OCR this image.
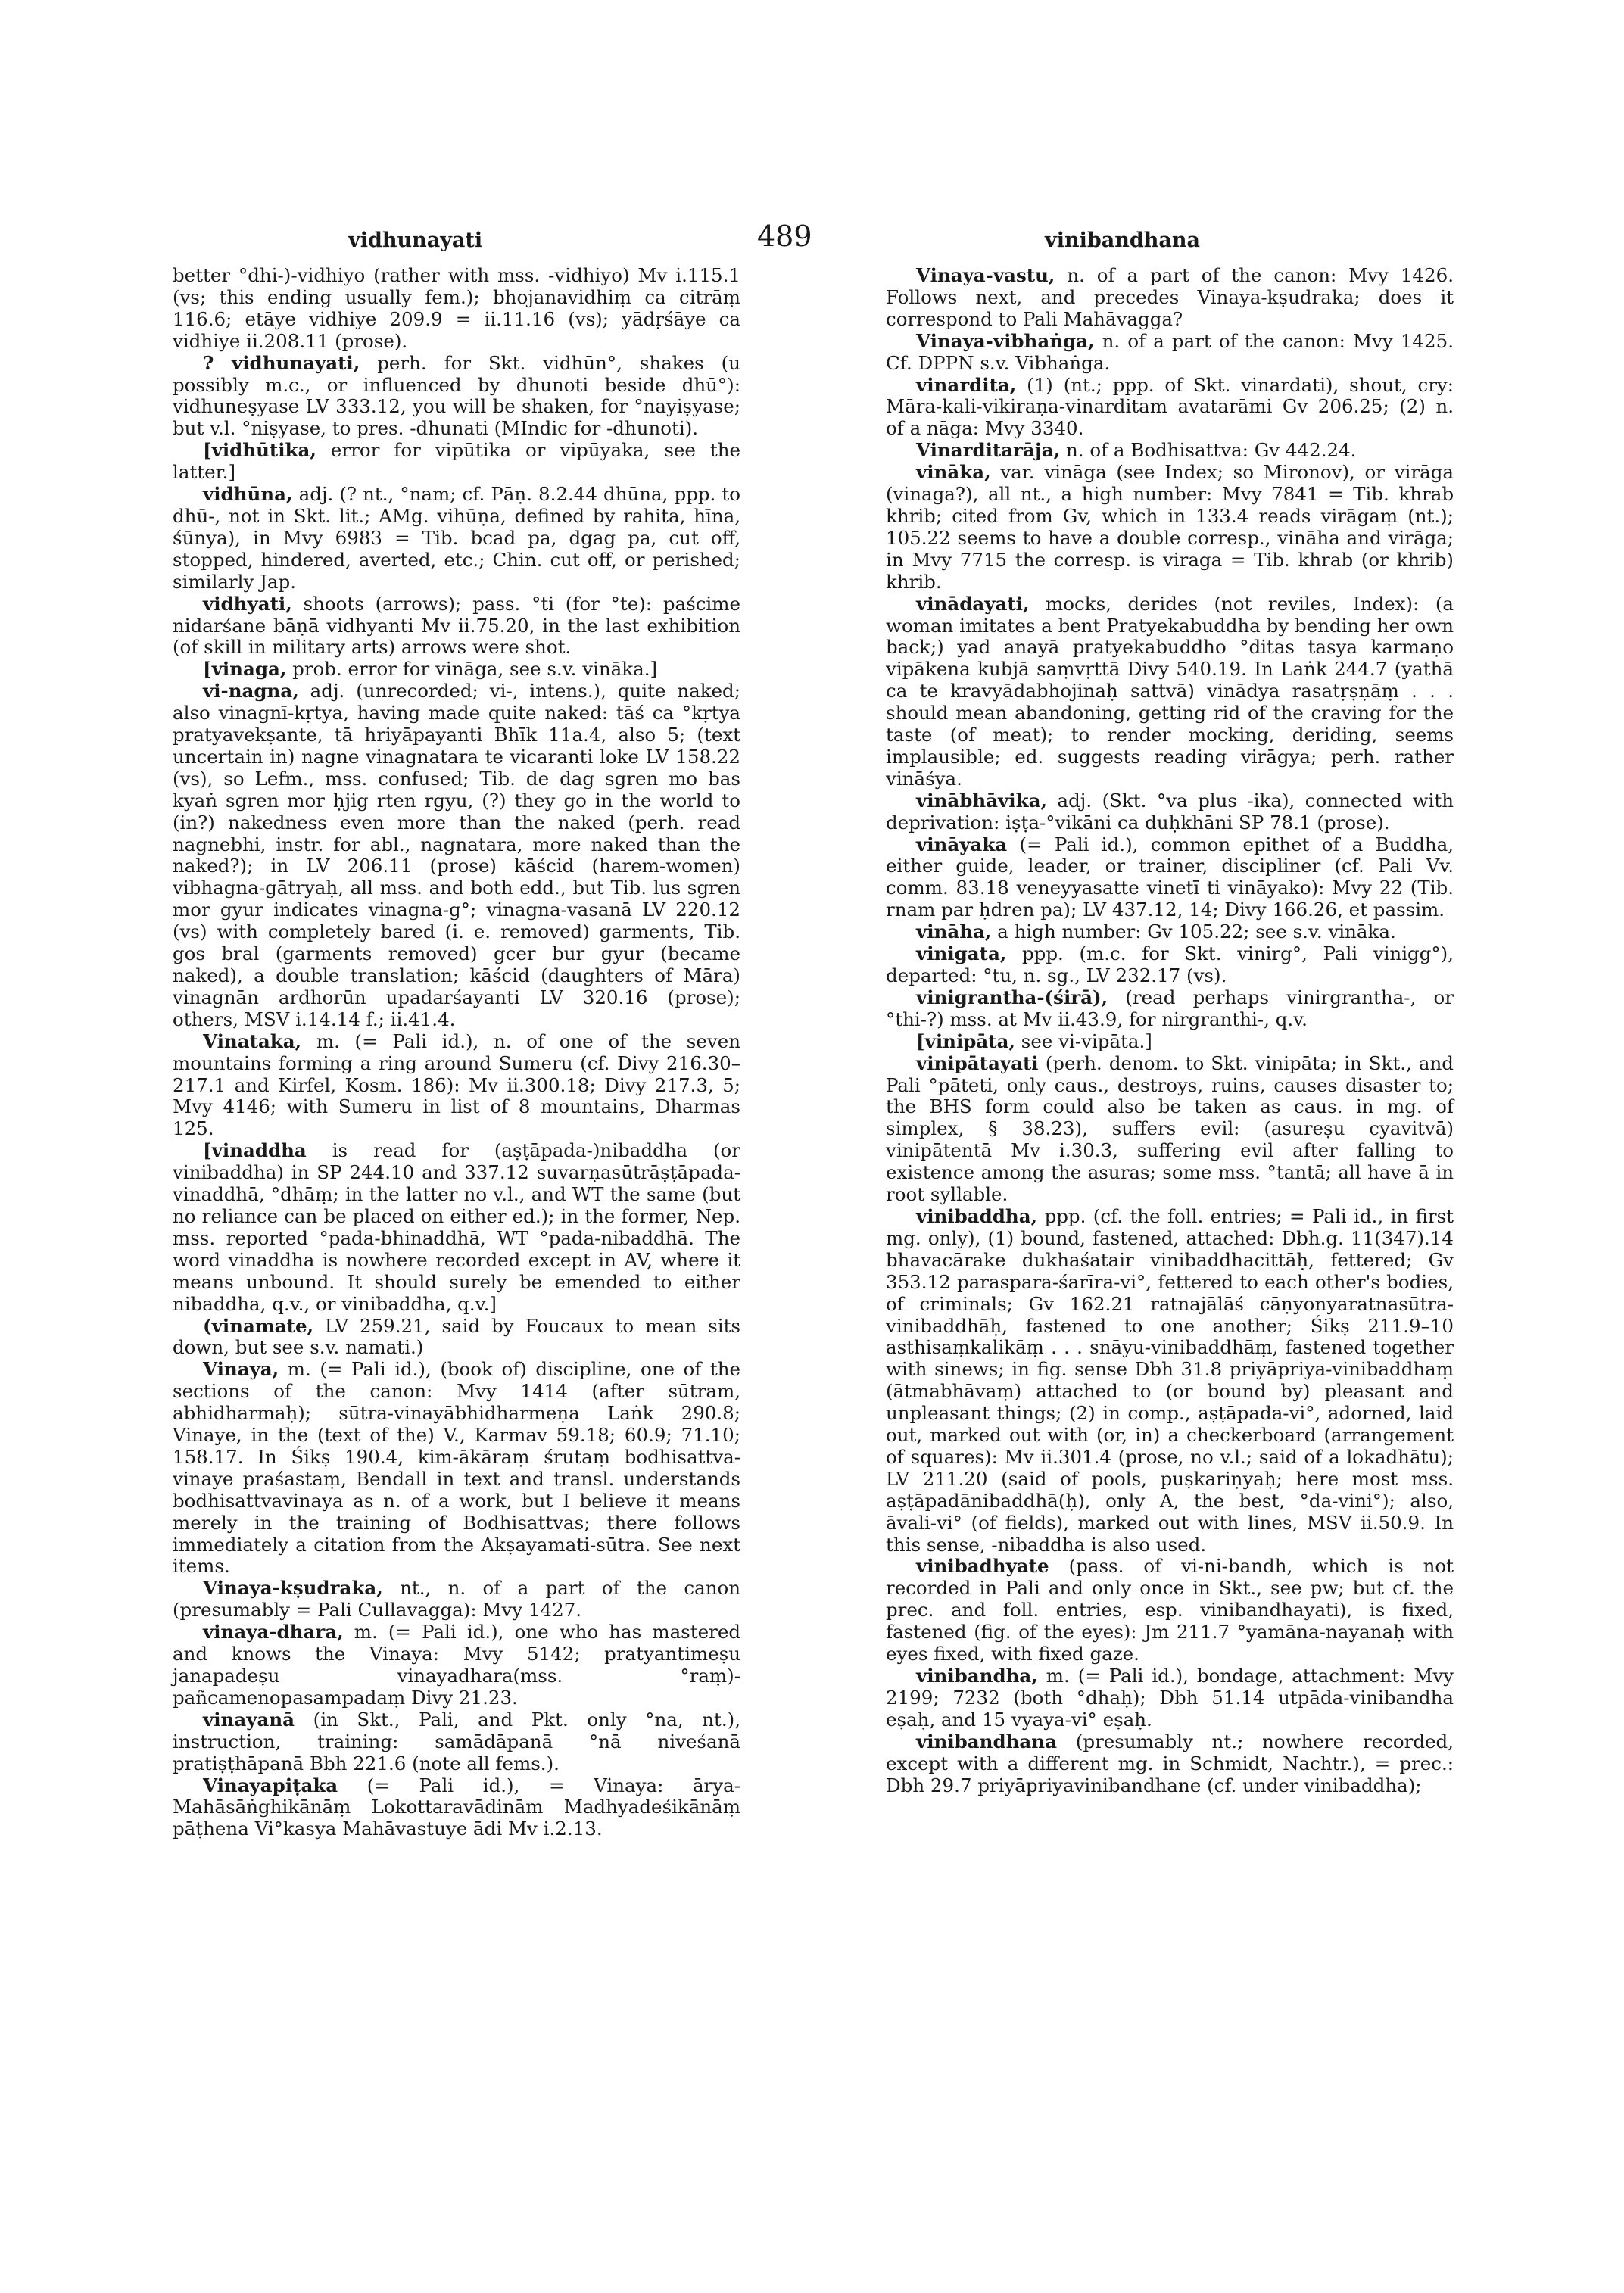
vidhunayati	489	vinibandhana

better °dhi-)-vidhiyo (rather with mss. -vidhiyo) Mv i.115.1 (vs; this ending usually fem.); bhojanavidhiṃ ca citrāṃ 116.6; etāye vidhiye 209.9 = ii.11.16 (vs); yādṛśāye ca vidhiye ii.208.11 (prose).

? vidhunayati, perh. for Skt. vidhūn°, shakes (u possibly m.c., or influenced by dhunoti beside dhū°): vidhuneṣyase LV 333.12, you will be shaken, for °nayiṣyase; but v.l. °niṣyase, to pres. -dhunati (MIndic for -dhunoti).

[vidhūtika, error for vipūtika or vipūyaka, see the latter.]

vidhūna, adj. (? nt., °nam; cf. Pāṇ. 8.2.44 dhūna, ppp. to dhū-, not in Skt. lit.; AMg. vihūṇa, defined by rahita, hīna, śūnya), in Mvy 6983 = Tib. bcad pa, dgag pa, cut off, stopped, hindered, averted, etc.; Chin. cut off, or perished; similarly Jap.

vidhyati, shoots (arrows); pass. °ti (for °te): paścime nidarśane bāṇā vidhyanti Mv ii.75.20, in the last exhibition (of skill in military arts) arrows were shot.

[vinaga, prob. error for vināga, see s.v. vināka.]

vi-nagna, adj. (unrecorded; vi-, intens.), quite naked; also vinagnī-kṛtya, having made quite naked: tāś ca °kṛtya pratyavekṣante, tā hriyāpayanti Bhīk 11a.4, also 5; (text uncertain in) nagne vinagnatara te vicaranti loke LV 158.22 (vs), so Lefm., mss. confused; Tib. de dag sgren mo bas kyaṅ sgren mor ḥjig rten rgyu, (?) they go in the world to (in?) nakedness even more than the naked (perh. read nagnebhi, instr. for abl., nagnatara, more naked than the naked?); in LV 206.11 (prose) kāścid (harem-women) vibhagna-gātryaḥ, all mss. and both edd., but Tib. lus sgren mor gyur indicates vinagna-g°; vinagna-vasanā LV 220.12 (vs) with completely bared (i. e. removed) garments, Tib. gos bral (garments removed) gcer bur gyur (became naked), a double translation; kāścid (daughters of Māra) vinagnān ardhorūn upadarśayanti LV 320.16 (prose); others, MSV i.14.14 f.; ii.41.4.

Vinataka, m. (= Pali id.), n. of one of the seven mountains forming a ring around Sumeru (cf. Divy 216.30–217.1 and Kirfel, Kosm. 186): Mv ii.300.18; Divy 217.3, 5; Mvy 4146; with Sumeru in list of 8 mountains, Dharmas 125.

[vinaddha is read for (aṣṭāpada-)nibaddha (or vinibaddha) in SP 244.10 and 337.12 suvarṇasūtrāṣṭāpada-vinaddhā, °dhāṃ; in the latter no v.l., and WT the same (but no reliance can be placed on either ed.); in the former, Nep. mss. reported °pada-bhinaddhā, WT °pada-nibaddhā. The word vinaddha is nowhere recorded except in AV, where it means unbound. It should surely be emended to either nibaddha, q.v., or vinibaddha, q.v.]

(vinamate, LV 259.21, said by Foucaux to mean sits down, but see s.v. namati.)

Vinaya, m. (= Pali id.), (book of) discipline, one of the sections of the canon: Mvy 1414 (after sūtram, abhidharmaḥ); sūtra-vinayābhidharmeṇa Laṅk 290.8; Vinaye, in the (text of the) V., Karmav 59.18; 60.9; 71.10; 158.17. In Śikṣ 190.4, kim-ākāraṃ śrutaṃ bodhisattva-vinaye praśastaṃ, Bendall in text and transl. understands bodhisattvavinaya as n. of a work, but I believe it means merely in the training of Bodhisattvas; there follows immediately a citation from the Akṣayamati-sūtra. See next items.

Vinaya-kṣudraka, nt., n. of a part of the canon (presumably = Pali Cullavagga): Mvy 1427.

vinaya-dhara, m. (= Pali id.), one who has mastered and knows the Vinaya: Mvy 5142; pratyantimeṣu janapadeṣu vinayadhara(mss. °raṃ)-pañcamenopasampadaṃ Divy 21.23.

vinayanā (in Skt., Pali, and Pkt. only °na, nt.), instruction, training: samādāpanā °nā niveśanā pratiṣṭhāpanā Bbh 221.6 (note all fems.).

Vinayapiṭaka (= Pali id.), = Vinaya: ārya-Mahāsāṅghikānāṃ Lokottaravādinām Madhyadeśikānāṃ pāṭhena Vi°kasya Mahāvastuye ādi Mv i.2.13.

Vinaya-vastu, n. of a part of the canon: Mvy 1426. Follows next, and precedes Vinaya-kṣudraka; does it correspond to Pali Mahāvagga?

Vinaya-vibhaṅga, n. of a part of the canon: Mvy 1425. Cf. DPPN s.v. Vibhaṅga.

vinardita, (1) (nt.; ppp. of Skt. vinardati), shout, cry: Māra-kali-vikiraṇa-vinarditam avatarāmi Gv 206.25; (2) n. of a nāga: Mvy 3340.

Vinarditarāja, n. of a Bodhisattva: Gv 442.24.

vināka, var. vināga (see Index; so Mironov), or virāga (vinaga?), all nt., a high number: Mvy 7841 = Tib. khrab khrib; cited from Gv, which in 133.4 reads virāgaṃ (nt.); 105.22 seems to have a double corresp., vināha and virāga; in Mvy 7715 the corresp. is viraga = Tib. khrab (or khrib) khrib.

vinādayati, mocks, derides (not reviles, Index): (a woman imitates a bent Pratyekabuddha by bending her own back;) yad anayā pratyekabuddho °ditas tasya karmaṇo vipākena kubjā saṃvṛttā Divy 540.19. In Laṅk 244.7 (yathā ca te kravyādabhojinaḥ sattvā) vinādya rasatṛṣṇāṃ . . . should mean abandoning, getting rid of the craving for the taste (of meat); to render mocking, deriding, seems implausible; ed. suggests reading virāgya; perh. rather vināśya.

vinābhāvika, adj. (Skt. °va plus -ika), connected with deprivation: iṣṭa-°vikāni ca duḥkhāni SP 78.1 (prose).

vināyaka (= Pali id.), common epithet of a Buddha, either guide, leader, or trainer, discipliner (cf. Pali Vv. comm. 83.18 veneyyasatte vinetī ti vināyako): Mvy 22 (Tib. rnam par ḥdren pa); LV 437.12, 14; Divy 166.26, et passim.

vināha, a high number: Gv 105.22; see s.v. vināka.

vinigata, ppp. (m.c. for Skt. vinirg°, Pali vinigg°), departed: °tu, n. sg., LV 232.17 (vs).

vinigrantha-(śirā), (read perhaps vinirgrantha-, or °thi-?) mss. at Mv ii.43.9, for nirgranthi-, q.v.

[vinipāta, see vi-vipāta.]

vinipātayati (perh. denom. to Skt. vinipāta; in Skt., and Pali °pāteti, only caus., destroys, ruins, causes disaster to; the BHS form could also be taken as caus. in mg. of simplex, § 38.23), suffers evil: (asureṣu cyavitvā) vinipātentā Mv i.30.3, suffering evil after falling to existence among the asuras; some mss. °tantā; all have ā in root syllable.

vinibaddha, ppp. (cf. the foll. entries; = Pali id., in first mg. only), (1) bound, fastened, attached: Dbh.g. 11(347).14 bhavacārake dukhaśatair vinibaddhacittāḥ, fettered; Gv 353.12 paraspara-śarīra-vi°, fettered to each other's bodies, of criminals; Gv 162.21 ratnajālāś cāṇyonyaratnasūtra-vinibaddhāḥ, fastened to one another; Śikṣ 211.9–10 asthisaṃkalikāṃ . . . snāyu-vinibaddhāṃ, fastened together with sinews; in fig. sense Dbh 31.8 priyāpriya-vinibaddhaṃ (ātmabhāvaṃ) attached to (or bound by) pleasant and unpleasant things; (2) in comp., aṣṭāpada-vi°, adorned, laid out, marked out with (or, in) a checkerboard (arrangement of squares): Mv ii.301.4 (prose, no v.l.; said of a lokadhātu); LV 211.20 (said of pools, puṣkariṇyaḥ; here most mss. aṣṭāpadānibaddhā(ḥ), only A, the best, °da-vini°); also, āvali-vi° (of fields), marked out with lines, MSV ii.50.9. In this sense, -nibaddha is also used.

vinibadhyate (pass. of vi-ni-bandh, which is not recorded in Pali and only once in Skt., see pw; but cf. the prec. and foll. entries, esp. vinibandhayati), is fixed, fastened (fig. of the eyes): Jm 211.7 °yamāna-nayanaḥ with eyes fixed, with fixed gaze.

vinibandha, m. (= Pali id.), bondage, attachment: Mvy 2199; 7232 (both °dhaḥ); Dbh 51.14 utpāda-vinibandha eṣaḥ, and 15 vyaya-vi° eṣaḥ.

vinibandhana (presumably nt.; nowhere recorded, except with a different mg. in Schmidt, Nachtr.), = prec.: Dbh 29.7 priyāpriyavinibandhane (cf. under vinibaddha);
